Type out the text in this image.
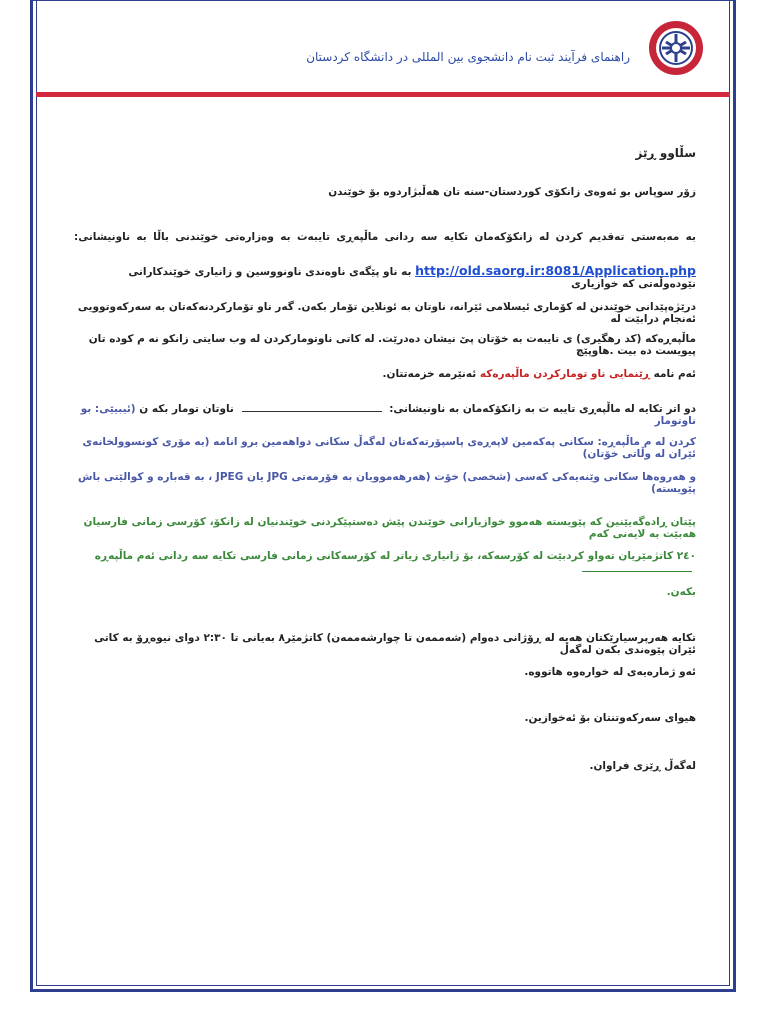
راهنمای فرآیند ثبت نام دانشجوی بین المللی در دانشگاه کردستان

سڵاوو ڕێز

زۆر سوپاس بو ئەوەی زانکۆی کوردستان-سنە تان هەڵبژاردوە بۆ خوێندن

بە مەبەستی تەقدیم کردن لە زانکۆکەمان تکایە سە ردانی ماڵپەڕی تایبەت بە وەزارەتی خوێندنی باڵا بە ناونیشانی:

http://old.saorg.ir:8081/Application.php بە ناو پێگەی ناوەندی ناونووسین و زانیاری خوێندکارانی نێودەوڵەتی کە خوازیاری

درێژەپێدانی خوێندنن لە کۆماری ئیسلامی ئێرانە، ناوتان بە ئونلاین تۆمار بکەن. گەر ناو تۆمارکردنەکەتان بە سەرکەوتوویی ئەنجام درابێت لە

ماڵپەڕەکە (کد رهگیری) ی تایبەت بە خۆتان پێ نیشان دەدرێت. لە کاتی ناوتومارکردن لە وب سایتی زانکو نە م کودە تان پیویست دە بیت .هاوپێچ

ئەم نامە ڕێنمایی ناو تومارکردن ماڵپەرەکە ئەنێرمە خزمەتتان.

دو اتر تکایە لە ماڵپەڕی تایبە ت بە زانکۆکەمان بە ناونیشانی:  ناوتان تومار بکە ن (ئیبیێی: بو ناوتومار

کردن لە م ماڵپەڕە: سکانی پەکەمین لاپەڕەی پاسپۆرتەکەتان لەگەڵ سکانی دواهەمین برو انامە (بە مۆری کونسوولخانەی ئێران لە وڵاتی خۆتان)

و هەروەها سکانی وێنەیەکی کەسی (شخصی) خۆت (هەرهەموویان بە فۆرمەتی JPG یان JPEG ، بە قەبارە و کوالێتی باش پێویستە)

پێتان ڕادەگەیێنین کە پێویستە هەموو خوازیارانی خوێندن پێش دەستپێکردنی خوێندنیان لە زانکۆ، کۆرسی زمانی فارسیان هەبێت بە لایەنی کەم

٢٤٠ کاتژمێریان تەواو کردبێت لە کۆرسەکە، بۆ زانیاری زیاتر لە کۆرسەکانی زمانی فارسی تکایە سە ردانی ئەم ماڵپەڕە

بکەن.

تکایە هەرپرسیارێکتان هەیە لە ڕۆژانی دەوام (شەممەن تا چوارشەممەن) کاتژمێر٨ بەیانی تا ٢:٣٠ دوای نیوەڕۆ بە کاتی ئێران پێوەندی بکەن لەگەڵ

ئەو ژمارەیەی لە خوارەوە هاتووە.

هیوای سەرکەوتنتان بۆ ئەخوازین.

لەگەڵ ڕێزی فراوان.
